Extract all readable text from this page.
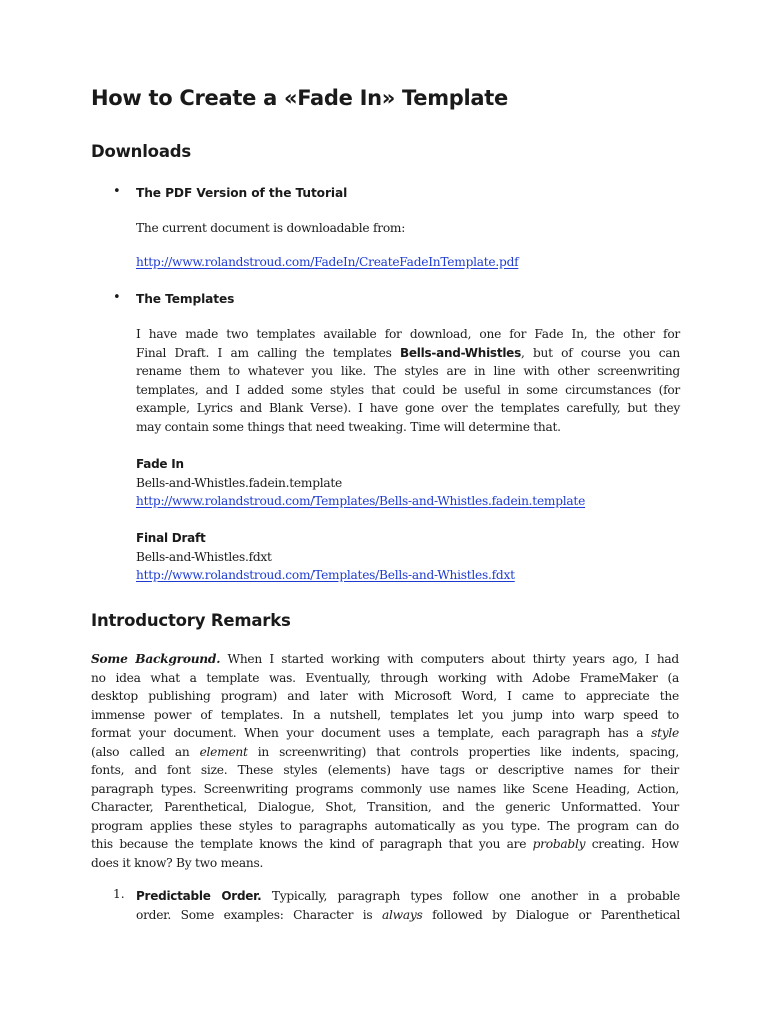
How to Create a «Fade In» Template
Downloads
• The PDF Version of the Tutorial

The current document is downloadable from:

http://www.rolandstroud.com/FadeIn/CreateFadeInTemplate.pdf

• The Templates
I have made two templates available for download, one for Fade In, the other for
Final Draft. I am calling the templates Bells-and-Whistles, but of course you can
rename them to whatever you like. The styles are in line with other screenwriting
templates, and I added some styles that could be useful in some circumstances (for
example, Lyrics and Blank Verse). I have gone over the templates carefully, but they
may contain some things that need tweaking. Time will determine that.
Fade In
Bells-and-Whistles.fadein.template
http://www.rolandstroud.com/Templates/Bells-and-Whistles.fadein.template
Final Draft
Bells-and-Whistles.fdxt
http://www.rolandstroud.com/Templates/Bells-and-Whistles.fdxt
Introductory Remarks
Some Background. When I started working with computers about thirty years ago, I had
no idea what a template was. Eventually, through working with Adobe FrameMaker (a
desktop publishing program) and later with Microsoft Word, I came to appreciate the
immense power of templates. In a nutshell, templates let you jump into warp speed to
format your document. When your document uses a template, each paragraph has a style
(also called an element in screenwriting) that controls properties like indents, spacing,
fonts, and font size. These styles (elements) have tags or descriptive names for their
paragraph types. Screenwriting programs commonly use names like Scene Heading, Action,
Character, Parenthetical, Dialogue, Shot, Transition, and the generic Unformatted. Your
program applies these styles to paragraphs automatically as you type. The program can do
this because the template knows the kind of paragraph that you are probably creating. How
does it know? By two means.
1. Predictable Order. Typically, paragraph types follow one another in a probable
order. Some examples: Character is always followed by Dialogue or Parenthetical
